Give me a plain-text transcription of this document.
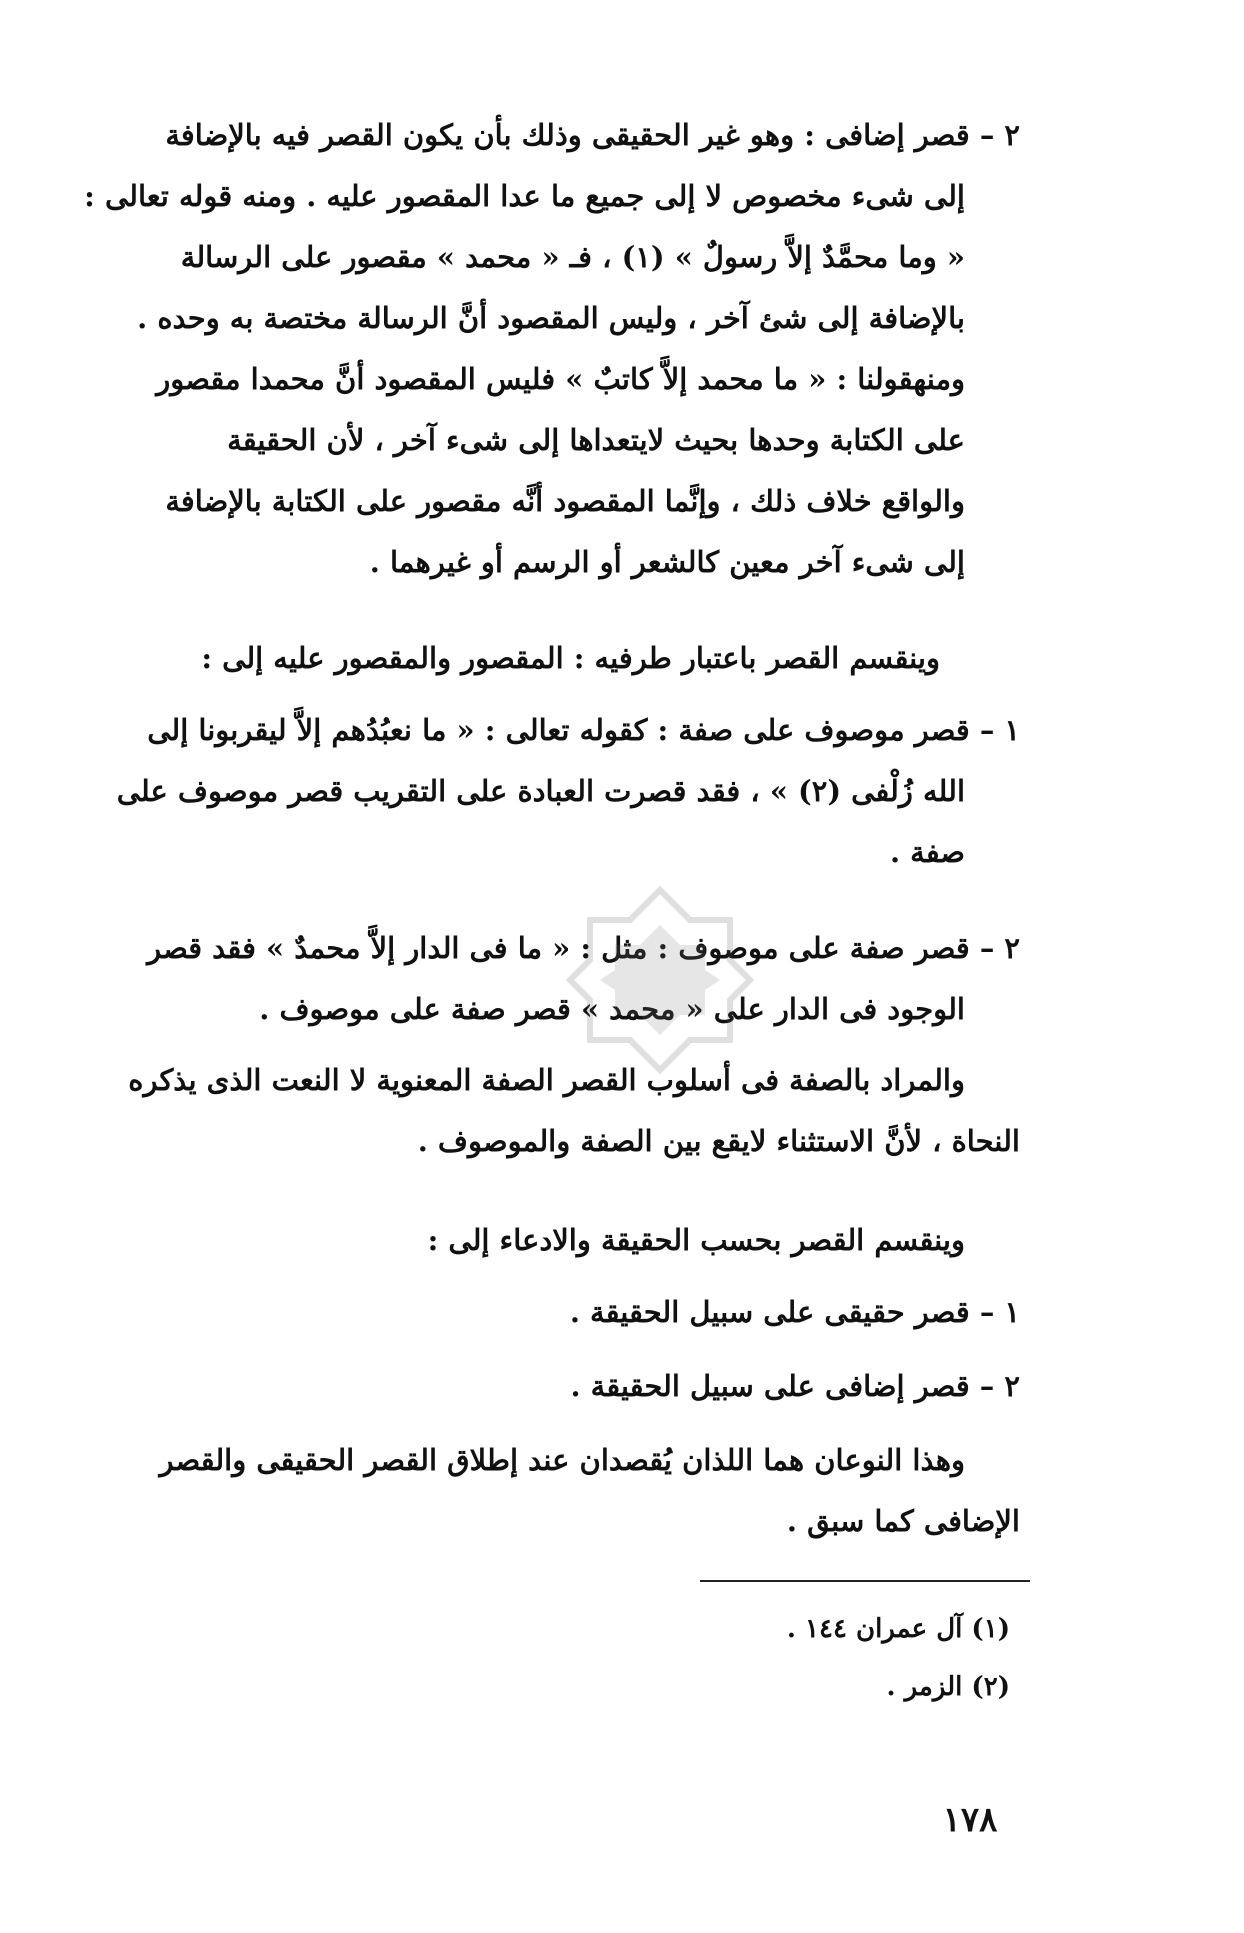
٢ – قصر إضافى : وهو غير الحقيقى وذلك بأن يكون القصر فيه بالإضافة
إلى شىء مخصوص لا إلى جميع ما عدا المقصور عليه . ومنه قوله تعالى :
« وما محمَّدٌ إلاَّ رسولٌ » (١) ، فـ « محمد » مقصور على الرسالة
بالإضافة إلى شئ آخر ، وليس المقصود أنَّ الرسالة مختصة به وحده .
ومنهقولنا : « ما محمد إلاَّ كاتبٌ » فليس المقصود أنَّ محمدا مقصور
على الكتابة وحدها بحيث لايتعداها إلى شىء آخر ، لأن الحقيقة
والواقع خلاف ذلك ، وإنَّما المقصود أنَّه مقصور على الكتابة بالإضافة
إلى شىء آخر معين كالشعر أو الرسم أو غيرهما .
وينقسم القصر باعتبار طرفيه : المقصور والمقصور عليه إلى :
١ – قصر موصوف على صفة : كقوله تعالى : « ما نعبُدُهم إلاَّ ليقربونا إلى
الله زُلْفى (٢) » ، فقد قصرت العبادة على التقريب قصر موصوف على
صفة .
٢ – قصر صفة على موصوف : مثل : « ما فى الدار إلاَّ محمدٌ » فقد قصر
الوجود فى الدار على « محمد » قصر صفة على موصوف .
والمراد بالصفة فى أسلوب القصر الصفة المعنوية لا النعت الذى يذكره
النحاة ، لأنَّ الاستثناء لايقع بين الصفة والموصوف .
وينقسم القصر بحسب الحقيقة والادعاء إلى :
١ – قصر حقيقى على سبيل الحقيقة .
٢ – قصر إضافى على سبيل الحقيقة .
وهذا النوعان هما اللذان يُقصدان عند إطلاق القصر الحقيقى والقصر
الإضافى كما سبق .
(١) آل عمران ١٤٤ .
(٢) الزمر .
١٧٨
